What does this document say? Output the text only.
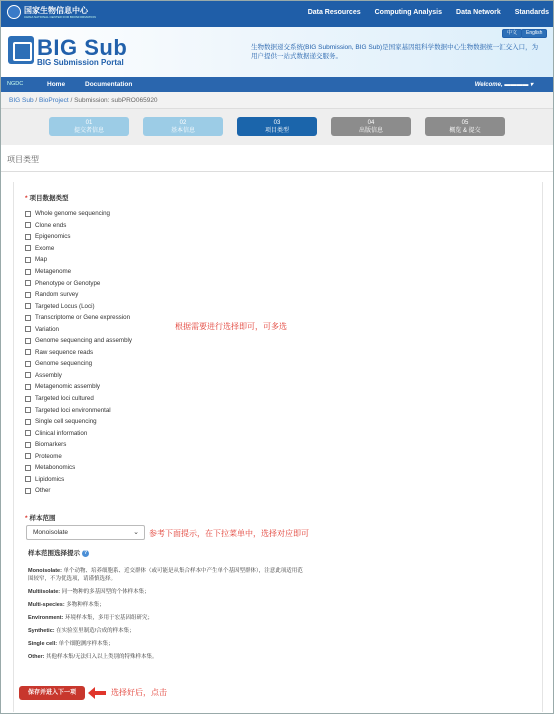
国家生物信息中心
CHINA NATIONAL CENTER FOR BIOINFORMATION
Data Resources Computing Analysis Data Network Standards
BIG Sub
BIG Submission Portal
生物数据递交系统(BIG Submission, BIG Sub)是国家基因组科学数据中心生物数据统一汇交入口，为用户提供一站式数据递交服务。
中文	English
NGDC	Home	Documentation	Welcome, ▬▬▬▬ ▾
BIG Sub / BioProject / Submission: subPRO065920
01
提交者信息
02
基本信息
03
项目类型
04
出版信息
05
概览 & 提交
项目类型
* 项目数据类型
Whole genome sequencing
Clone ends
Epigenomics
Exome
Map
Metagenome
Phenotype or Genotype
Random survey
Targeted Locus (Loci)
Transcriptome or Gene expression
Variation
Genome sequencing and assembly
Raw sequence reads
Genome sequencing
Assembly
Metagenomic assembly
Targeted loci cultured
Targeted loci environmental
Single cell sequencing
Clinical information
Biomarkers
Proteome
Metabonomics
Lipidomics
Other
根据需要进行选择即可，可多选
* 样本范围
Monoisolate	⌄ 参考下面提示，在下拉菜单中，选择对应即可
样本范围选择提示 ?
Monoisolate: 单个动物、培养细胞系、近交群体（或可能是从集合样本中产生单个基因型群体），注意此项适用范围较窄，不为优选项，请谨慎选择。
Multiisolate: 同一物种的多基因型的个体样本集；
Multi-species: 多物种样本集；
Environment: 环境样本集，多用于宏基因组研究；
Synthetic: 在实验室里制造/合成的样本集；
Single cell: 单个细胞测序样本集；
Other: 其他样本集/无法归入以上类别的特殊样本集。
保存并进入下一项	选择好后，点击
